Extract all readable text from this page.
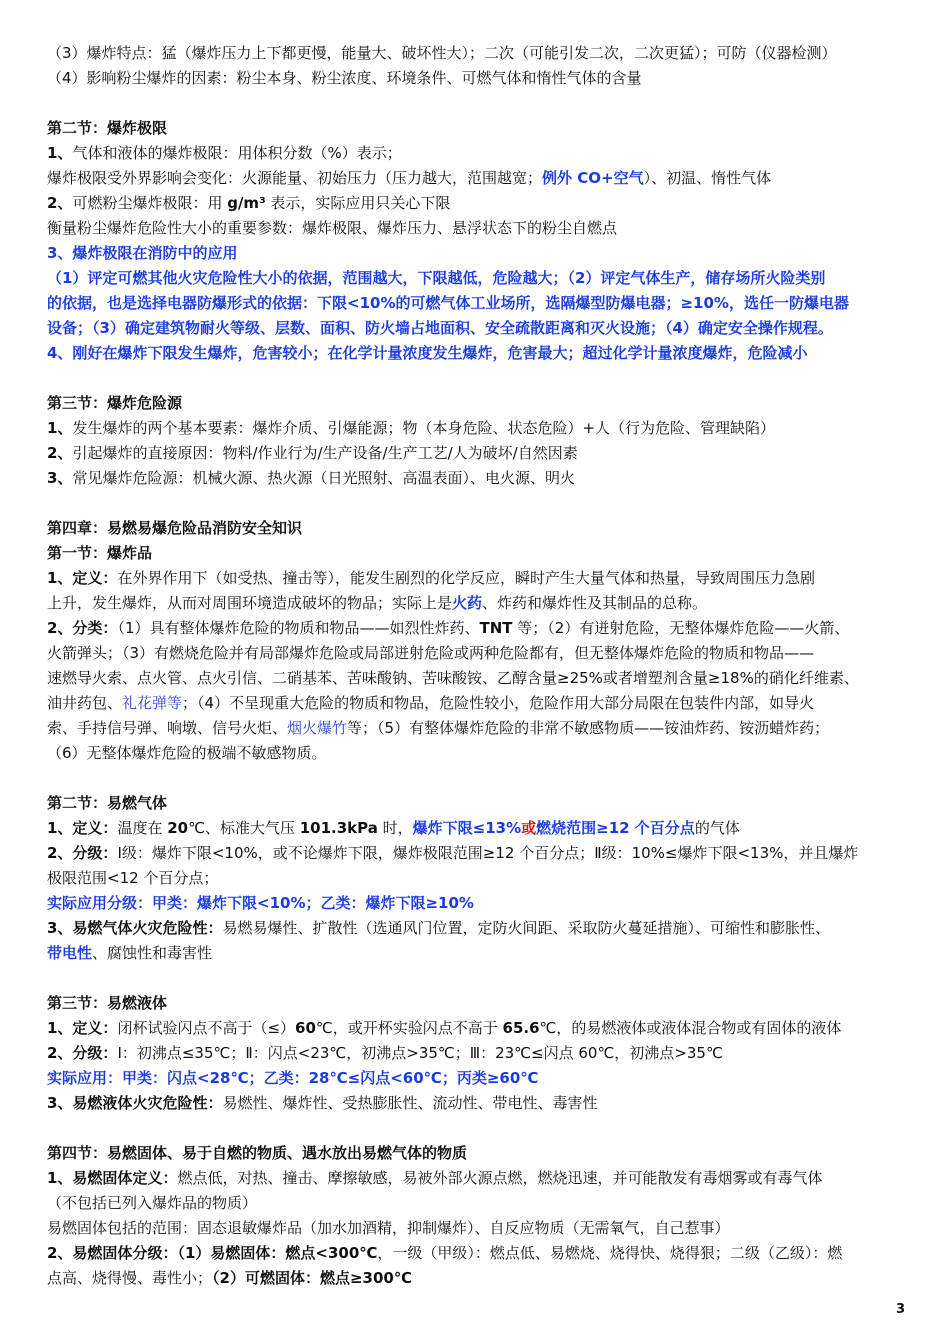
（3）爆炸特点：猛（爆炸压力上下都更慢，能量大、破坏性大）；二次（可能引发二次，二次更猛）；可防（仪器检测）
（4）影响粉尘爆炸的因素：粉尘本身、粉尘浓度、环境条件、可燃气体和惰性气体的含量
第二节：爆炸极限
1、气体和液体的爆炸极限：用体积分数（%）表示；
爆炸极限受外界影响会变化：火源能量、初始压力（压力越大，范围越宽；例外 CO+空气）、初温、惰性气体
2、可燃粉尘爆炸极限：用 g/m³ 表示，实际应用只关心下限
衡量粉尘爆炸危险性大小的重要参数：爆炸极限、爆炸压力、悬浮状态下的粉尘自燃点
3、爆炸极限在消防中的应用
（1）评定可燃其他火灾危险性大小的依据，范围越大，下限越低，危险越大；（2）评定气体生产，储存场所火险类别
的依据，也是选择电器防爆形式的依据：下限<10%的可燃气体工业场所，选隔爆型防爆电器；≥10%，选任一防爆电器
设备；（3）确定建筑物耐火等级、层数、面积、防火墙占地面积、安全疏散距离和灭火设施；（4）确定安全操作规程。
4、刚好在爆炸下限发生爆炸，危害较小；在化学计量浓度发生爆炸，危害最大；超过化学计量浓度爆炸，危险减小
第三节：爆炸危险源
1、发生爆炸的两个基本要素：爆炸介质、引爆能源；物（本身危险、状态危险）+人（行为危险、管理缺陷）
2、引起爆炸的直接原因：物料/作业行为/生产设备/生产工艺/人为破坏/自然因素
3、常见爆炸危险源：机械火源、热火源（日光照射、高温表面）、电火源、明火
第四章：易燃易爆危险品消防安全知识
第一节：爆炸品
1、定义：在外界作用下（如受热、撞击等），能发生剧烈的化学反应，瞬时产生大量气体和热量，导致周围压力急剧
上升，发生爆炸，从而对周围环境造成破坏的物品；实际上是火药、炸药和爆炸性及其制品的总称。
2、分类：（1）具有整体爆炸危险的物质和物品——如烈性炸药、TNT 等；（2）有迸射危险，无整体爆炸危险——火箭、
火箭弹头；（3）有燃烧危险并有局部爆炸危险或局部迸射危险或两种危险都有，但无整体爆炸危险的物质和物品——
速燃导火索、点火管、点火引信、二硝基苯、苦味酸钠、苦味酸铵、乙醇含量≥25%或者增塑剂含量≥18%的硝化纤维素、
油井药包、礼花弹等；（4）不呈现重大危险的物质和物品，危险性较小，危险作用大部分局限在包装件内部，如导火
索、手持信号弹、响墩、信号火炬、烟火爆竹等；（5）有整体爆炸危险的非常不敏感物质——铵油炸药、铵沥蜡炸药；
（6）无整体爆炸危险的极端不敏感物质。
第二节：易燃气体
1、定义：温度在 20℃、标准大气压 101.3kPa 时，爆炸下限≤13%或燃烧范围≥12 个百分点的气体
2、分级：Ⅰ级：爆炸下限<10%，或不论爆炸下限，爆炸极限范围≥12 个百分点；Ⅱ级：10%≤爆炸下限<13%，并且爆炸
极限范围<12 个百分点；
实际应用分级：甲类：爆炸下限<10%；乙类：爆炸下限≥10%
3、易燃气体火灾危险性：易燃易爆性、扩散性（选通风门位置，定防火间距、采取防火蔓延措施）、可缩性和膨胀性、
带电性、腐蚀性和毒害性
第三节：易燃液体
1、定义：闭杯试验闪点不高于（≤）60℃，或开杯实验闪点不高于 65.6℃，的易燃液体或液体混合物或有固体的液体
2、分级：Ⅰ：初沸点≤35℃；Ⅱ：闪点<23℃，初沸点>35℃；Ⅲ：23℃≤闪点 60℃，初沸点>35℃
实际应用：甲类：闪点<28℃；乙类：28℃≤闪点<60℃；丙类≥60℃
3、易燃液体火灾危险性：易燃性、爆炸性、受热膨胀性、流动性、带电性、毒害性
第四节：易燃固体、易于自燃的物质、遇水放出易燃气体的物质
1、易燃固体定义：燃点低，对热、撞击、摩擦敏感，易被外部火源点燃，燃烧迅速，并可能散发有毒烟雾或有毒气体
（不包括已列入爆炸品的物质）
易燃固体包括的范围：固态退敏爆炸品（加水加酒精，抑制爆炸）、自反应物质（无需氧气，自己惹事）
2、易燃固体分级：（1）易燃固体：燃点<300℃，一级（甲级）：燃点低、易燃烧、烧得快、烧得狠；二级（乙级）：燃
点高、烧得慢、毒性小；（2）可燃固体：燃点≥300℃
3
